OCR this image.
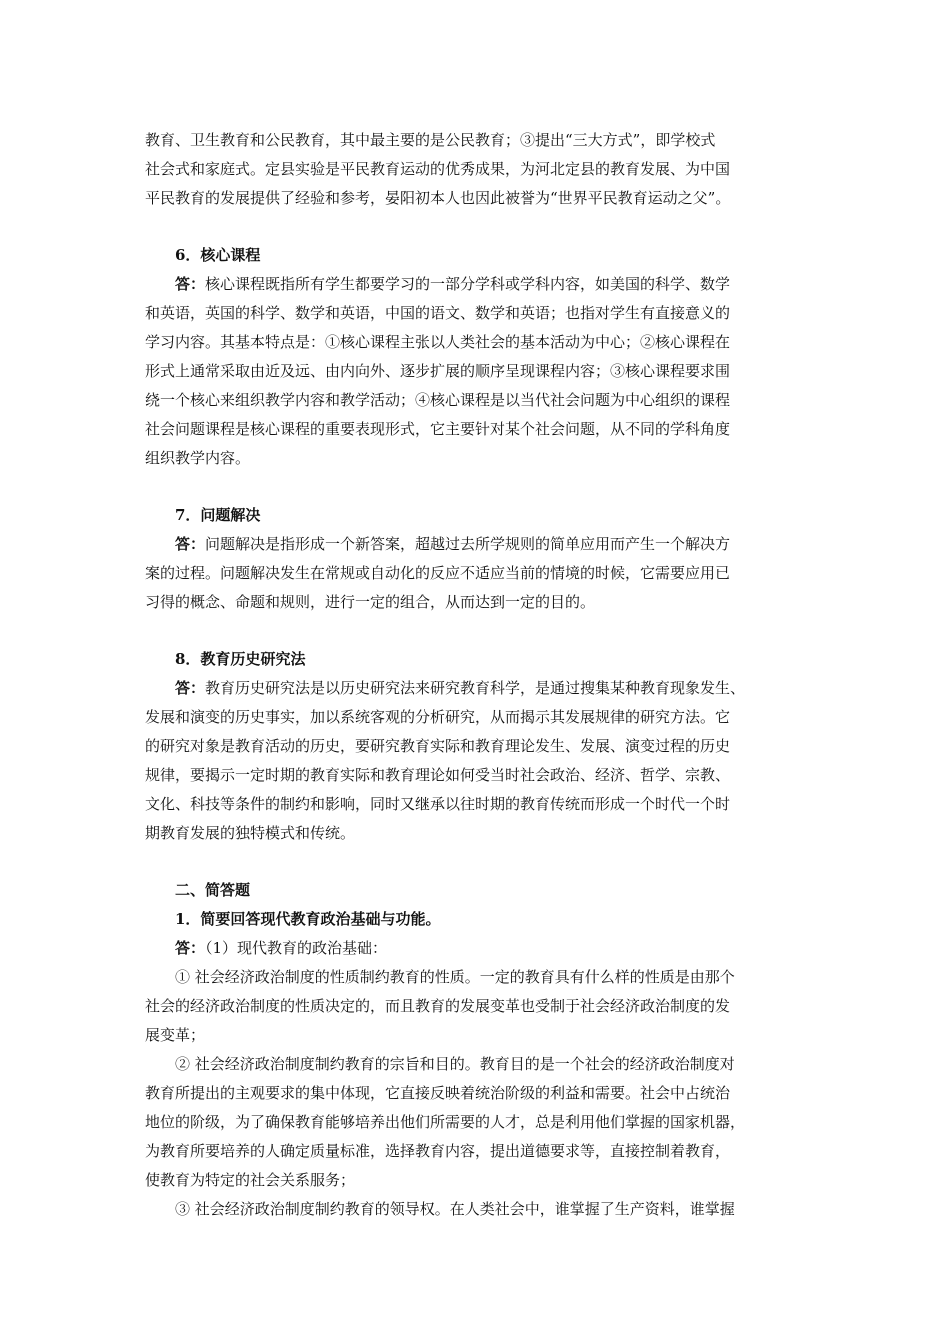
教育、卫生教育和公民教育，其中最主要的是公民教育；③提出“三大方式”，即学校式
社会式和家庭式。定县实验是平民教育运动的优秀成果，为河北定县的教育发展、为中国
平民教育的发展提供了经验和参考，晏阳初本人也因此被誉为“世界平民教育运动之父”。
6．核心课程
答：核心课程既指所有学生都要学习的一部分学科或学科内容，如美国的科学、数学
和英语，英国的科学、数学和英语，中国的语文、数学和英语；也指对学生有直接意义的
学习内容。其基本特点是：①核心课程主张以人类社会的基本活动为中心；②核心课程在
形式上通常采取由近及远、由内向外、逐步扩展的顺序呈现课程内容；③核心课程要求围
绕一个核心来组织教学内容和教学活动；④核心课程是以当代社会问题为中心组织的课程
社会问题课程是核心课程的重要表现形式，它主要针对某个社会问题，从不同的学科角度
组织教学内容。
7．问题解决
答：问题解决是指形成一个新答案，超越过去所学规则的简单应用而产生一个解决方
案的过程。问题解决发生在常规或自动化的反应不适应当前的情境的时候，它需要应用已
习得的概念、命题和规则，进行一定的组合，从而达到一定的目的。
8．教育历史研究法
答：教育历史研究法是以历史研究法来研究教育科学，是通过搜集某种教育现象发生、
发展和演变的历史事实，加以系统客观的分析研究，从而揭示其发展规律的研究方法。它
的研究对象是教育活动的历史，要研究教育实际和教育理论发生、发展、演变过程的历史
规律，要揭示一定时期的教育实际和教育理论如何受当时社会政治、经济、哲学、宗教、
文化、科技等条件的制约和影响，同时又继承以往时期的教育传统而形成一个时代一个时
期教育发展的独特模式和传统。
二、简答题
1．简要回答现代教育政治基础与功能。
答：（1）现代教育的政治基础：
① 社会经济政治制度的性质制约教育的性质。一定的教育具有什么样的性质是由那个
社会的经济政治制度的性质决定的，而且教育的发展变革也受制于社会经济政治制度的发
展变革；
② 社会经济政治制度制约教育的宗旨和目的。教育目的是一个社会的经济政治制度对
教育所提出的主观要求的集中体现，它直接反映着统治阶级的利益和需要。社会中占统治
地位的阶级，为了确保教育能够培养出他们所需要的人才，总是利用他们掌握的国家机器，
为教育所要培养的人确定质量标准，选择教育内容，提出道德要求等，直接控制着教育，
使教育为特定的社会关系服务；
③ 社会经济政治制度制约教育的领导权。在人类社会中，谁掌握了生产资料，谁掌握
